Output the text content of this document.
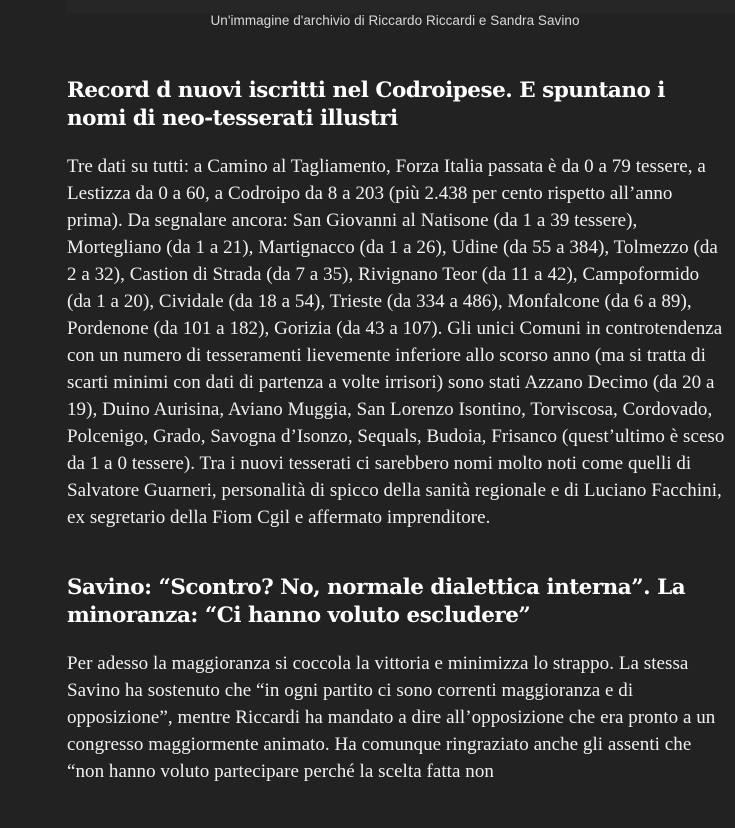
Un'immagine d'archivio di Riccardo Riccardi e Sandra Savino
Record d nuovi iscritti nel Codroipese. E spuntano i nomi di neo-tesserati illustri

Tre dati su tutti: a Camino al Tagliamento, Forza Italia passata è da 0 a 79 tessere, a Lestizza da 0 a 60, a Codroipo da 8 a 203 (più 2.438 per cento rispetto all’anno prima). Da segnalare ancora: San Giovanni al Natisone (da 1 a 39 tessere), Mortegliano (da 1 a 21), Martignacco (da 1 a 26), Udine (da 55 a 384), Tolmezzo (da 2 a 32), Castion di Strada (da 7 a 35), Rivignano Teor (da 11 a 42), Campoformido (da 1 a 20), Cividale (da 18 a 54), Trieste (da 334 a 486), Monfalcone (da 6 a 89), Pordenone (da 101 a 182), Gorizia (da 43 a 107). Gli unici Comuni in controtendenza con un numero di tesseramenti lievemente inferiore allo scorso anno (ma si tratta di scarti minimi con dati di partenza a volte irrisori) sono stati Azzano Decimo (da 20 a 19), Duino Aurisina, Aviano Muggia, San Lorenzo Isontino, Torviscosa, Cordovado, Polcenigo, Grado, Savogna d’Isonzo, Sequals, Budoia, Frisanco (quest’ultimo è sceso da 1 a 0 tessere). Tra i nuovi tesserati ci sarebbero nomi molto noti come quelli di Salvatore Guarneri, personalità di spicco della sanità regionale e di Luciano Facchini, ex segretario della Fiom Cgil e affermato imprenditore.

Savino: “Scontro? No, normale dialettica interna”. La minoranza: “Ci hanno voluto escludere”

Per adesso la maggioranza si coccola la vittoria e minimizza lo strappo. La stessa Savino ha sostenuto che “in ogni partito ci sono correnti maggioranza e di opposizione”, mentre Riccardi ha mandato a dire all’opposizione che era pronto a un congresso maggiormente animato. Ha comunque ringraziato anche gli assenti che “non hanno voluto partecipare perché la scelta fatta non
